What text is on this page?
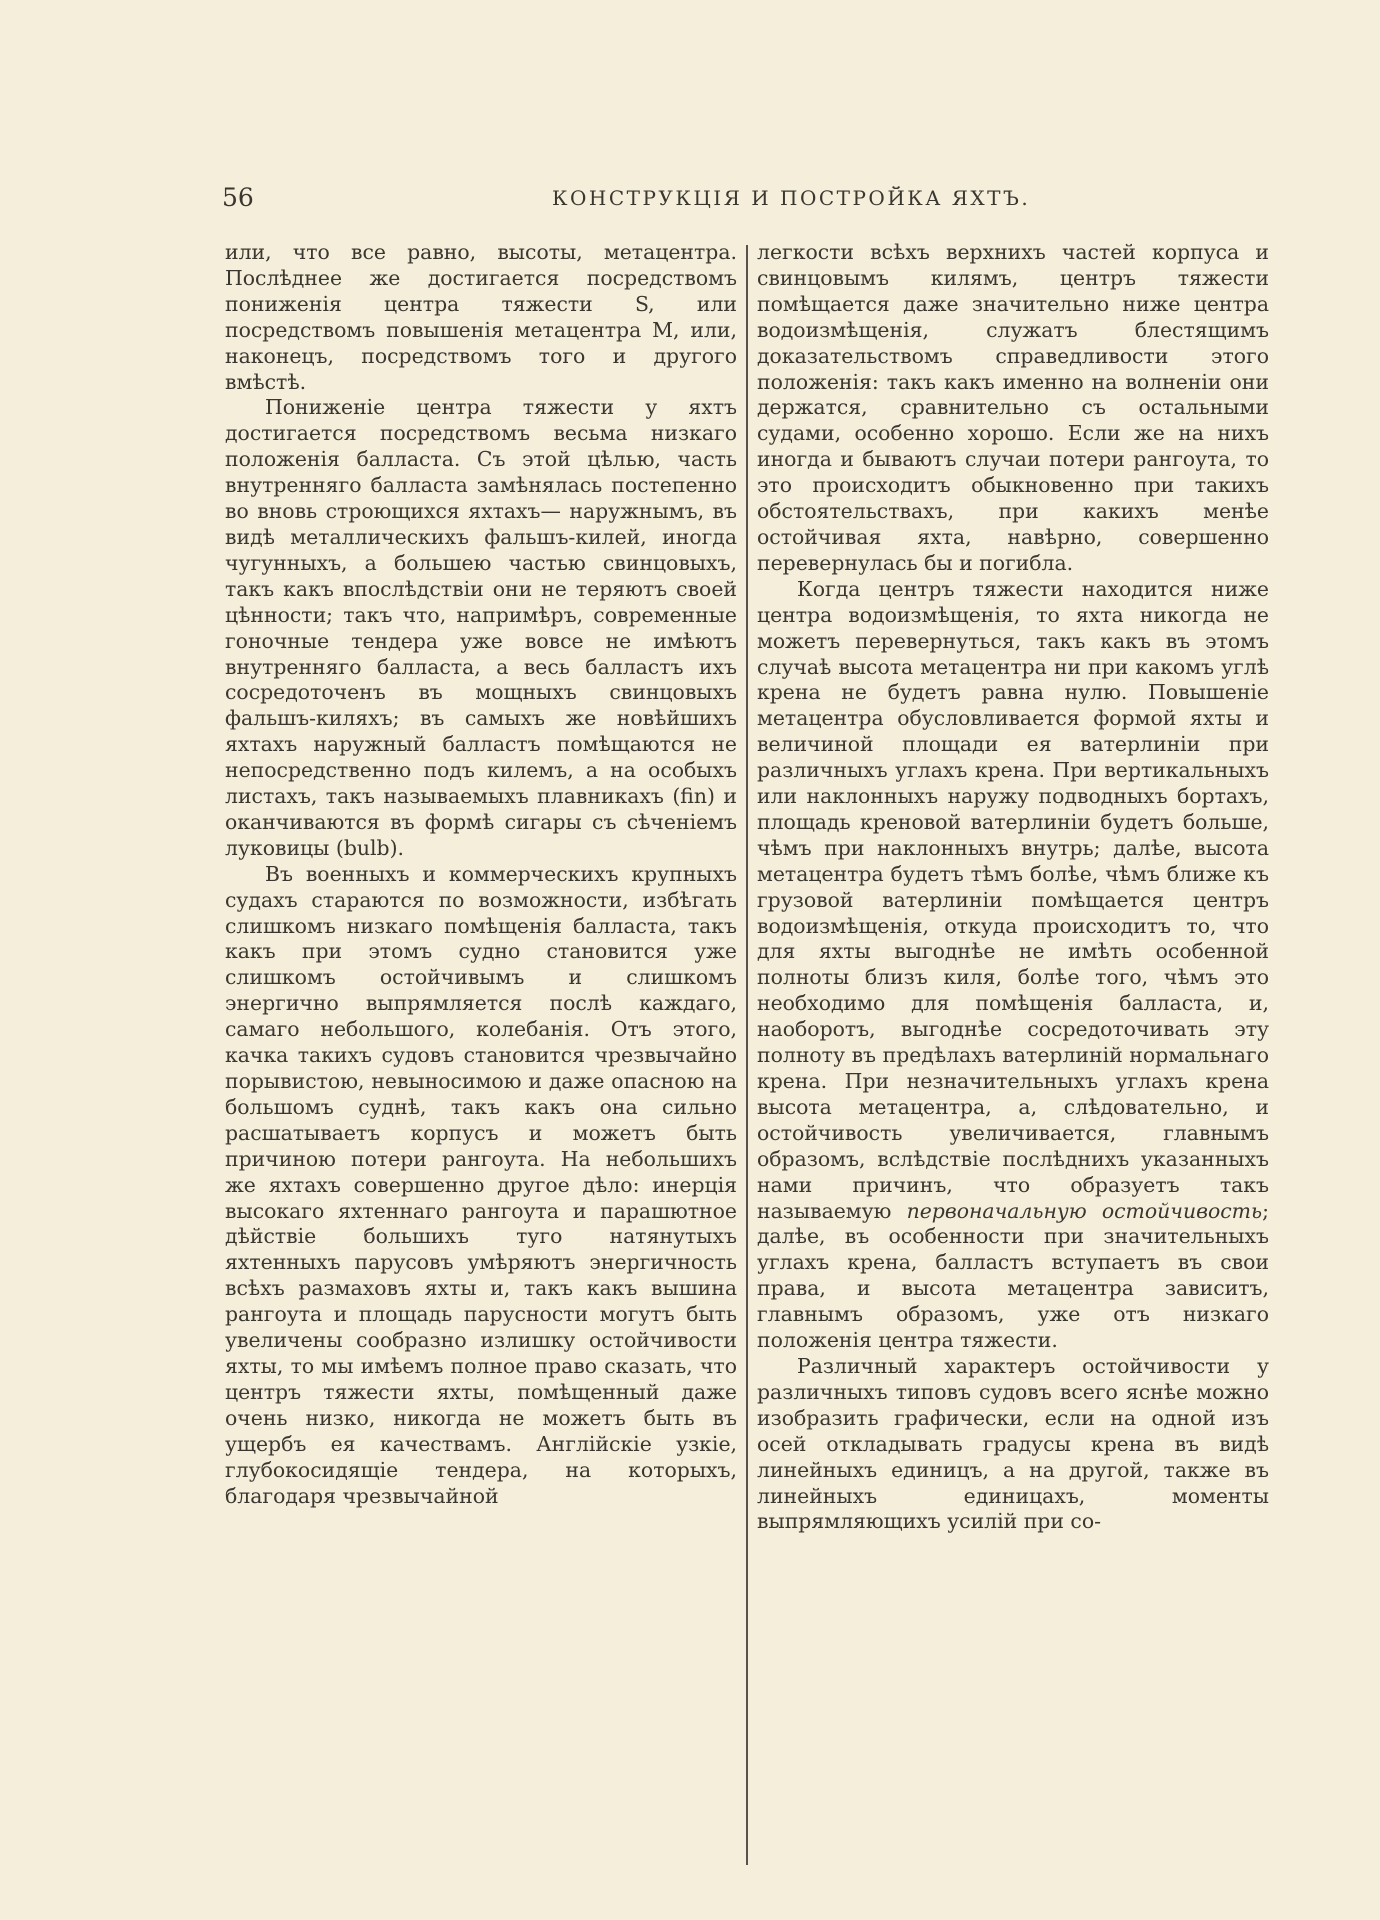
56	КОНСТРУКЦІЯ И ПОСТРОЙКА ЯХТЪ.

или, что все равно, высоты, метацентра. Послѣднее же достигается посредствомъ пониженія центра тяжести S, или посредствомъ повышенія метацентра M, или, наконецъ, посредствомъ того и другого вмѣстѣ.

Пониженіе центра тяжести у яхтъ достигается посредствомъ весьма низкаго положенія балласта. Съ этой цѣлью, часть внутренняго балласта замѣнялась постепенно во вновь строющихся яхтахъ— наружнымъ, въ видѣ металлическихъ фальшъ-килей, иногда чугунныхъ, а большею частью свинцовыхъ, такъ какъ впослѣдствіи они не теряютъ своей цѣнности; такъ что, напримѣръ, современные гоночные тендера уже вовсе не имѣютъ внутренняго балласта, а весь балластъ ихъ сосредоточенъ въ мощныхъ свинцовыхъ фальшъ-киляхъ; въ самыхъ же новѣйшихъ яхтахъ наружный балластъ помѣщаются не непосредственно подъ килемъ, а на особыхъ листахъ, такъ называемыхъ плавникахъ (fin) и оканчиваются въ формѣ сигары съ сѣченіемъ луковицы (bulb).

Въ военныхъ и коммерческихъ крупныхъ судахъ стараются по возможности, избѣгать слишкомъ низкаго помѣщенія балласта, такъ какъ при этомъ судно становится уже слишкомъ остойчивымъ и слишкомъ энергично выпрямляется послѣ каждаго, самаго небольшого, колебанія. Отъ этого, качка такихъ судовъ становится чрезвычайно порывистою, невыносимою и даже опасною на большомъ суднѣ, такъ какъ она сильно расшатываетъ корпусъ и можетъ быть причиною потери рангоута. На небольшихъ же яхтахъ совершенно другое дѣло: инерція высокаго яхтеннаго рангоута и парашютное дѣйствіе большихъ туго натянутыхъ яхтенныхъ парусовъ умѣряютъ энергичность всѣхъ размаховъ яхты и, такъ какъ вышина рангоута и площадь парусности могутъ быть увеличены сообразно излишку остойчивости яхты, то мы имѣемъ полное право сказать, что центръ тяжести яхты, помѣщенный даже очень низко, никогда не можетъ быть въ ущербъ ея качествамъ. Англійскіе узкіе, глубокосидящіе тендера, на которыхъ, благодаря чрезвычайной

легкости всѣхъ верхнихъ частей корпуса и свинцовымъ килямъ, центръ тяжести помѣщается даже значительно ниже центра водоизмѣщенія, служатъ блестящимъ доказательствомъ справедливости этого положенія: такъ какъ именно на волненіи они держатся, сравнительно съ остальными судами, особенно хорошо. Если же на нихъ иногда и бываютъ случаи потери рангоута, то это происходитъ обыкновенно при такихъ обстоятельствахъ, при какихъ менѣе остойчивая яхта, навѣрно, совершенно перевернулась бы и погибла.

Когда центръ тяжести находится ниже центра водоизмѣщенія, то яхта никогда не можетъ перевернуться, такъ какъ въ этомъ случаѣ высота метацентра ни при какомъ углѣ крена не будетъ равна нулю. Повышеніе метацентра обусловливается формой яхты и величиной площади ея ватерлиніи при различныхъ углахъ крена. При вертикальныхъ или наклонныхъ наружу подводныхъ бортахъ, площадь креновой ватерлиніи будетъ больше, чѣмъ при наклонныхъ внутрь; далѣе, высота метацентра будетъ тѣмъ болѣе, чѣмъ ближе къ грузовой ватерлиніи помѣщается центръ водоизмѣщенія, откуда происходитъ то, что для яхты выгоднѣе не имѣть особенной полноты близъ киля, болѣе того, чѣмъ это необходимо для помѣщенія балласта, и, наоборотъ, выгоднѣе сосредоточивать эту полноту въ предѣлахъ ватерлиній нормальнаго крена. При незначительныхъ углахъ крена высота метацентра, а, слѣдовательно, и остойчивость увеличивается, главнымъ образомъ, вслѣдствіе послѣднихъ указанныхъ нами причинъ, что образуетъ такъ называемую первоначальную остойчивость; далѣе, въ особенности при значительныхъ углахъ крена, балластъ вступаетъ въ свои права, и высота метацентра зависитъ, главнымъ образомъ, уже отъ низкаго положенія центра тяжести.

Различный характеръ остойчивости у различныхъ типовъ судовъ всего яснѣе можно изобразить графически, если на одной изъ осей откладывать градусы крена въ видѣ линейныхъ единицъ, а на другой, также въ линейныхъ единицахъ, моменты выпрямляющихъ усилій при со-
